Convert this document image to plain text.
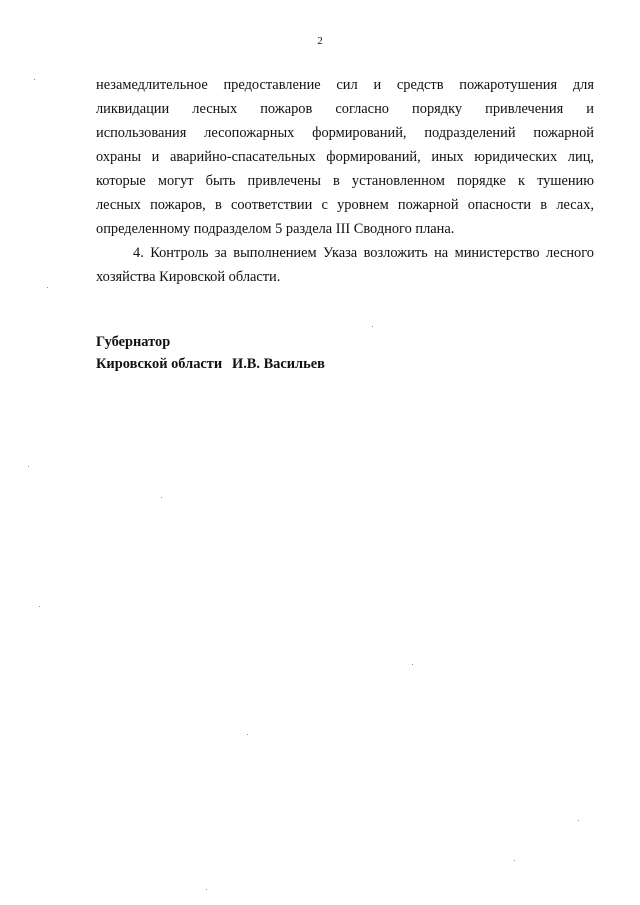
2
незамедлительное предоставление сил и средств пожаротушения для
ликвидации лесных пожаров согласно порядку привлечения и
использования лесопожарных формирований, подразделений пожарной
охраны и аварийно-спасательных формирований, иных юридических лиц,
которые могут быть привлечены в установленном порядке к тушению
лесных пожаров, в соответствии с уровнем пожарной опасности в лесах,
определенному подразделом 5 раздела III Сводного плана.
4. Контроль за выполнением Указа возложить на министерство лесного
хозяйства Кировской области.
Губернатор
Кировской области И.В. Васильев
